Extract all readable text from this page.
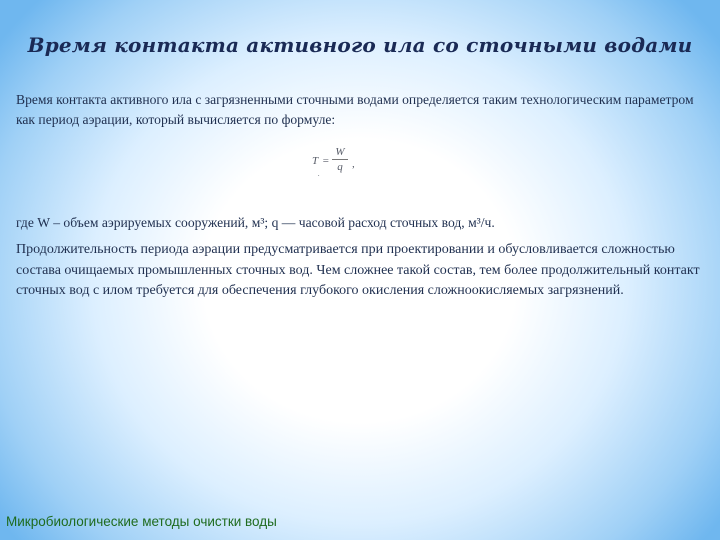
Время контакта активного ила со сточными водами
Время контакта активного ила с загрязненными сточными водами определяется таким технологическим параметром как период аэрации, который вычисляется по формуле:
$T = \frac{W}{q}$ ,
.
где W – объем аэрируемых сооружений, м³; q — часовой расход сточных вод, м³/ч.
Продолжительность периода аэрации предусматривается при проектировании и обусловливается сложностью состава очищаемых промышленных сточных вод. Чем сложнее такой состав, тем более продолжительный контакт сточных вод с илом требуется для обеспечения глубокого окисления сложноокисляемых загрязнений.
Микробиологические методы очистки воды
